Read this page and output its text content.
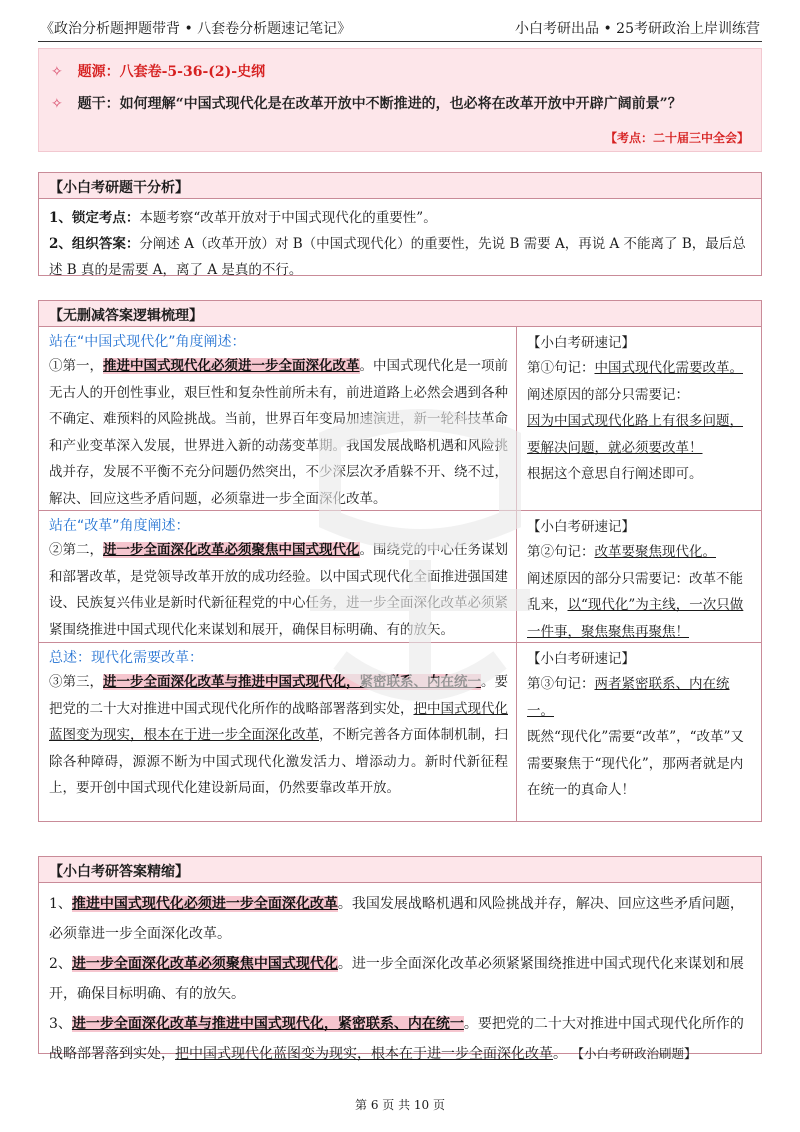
《政治分析题押题带背 • 八套卷分析题速记笔记》	小白考研出品 • 25考研政治上岸训练营
✧ 题源：八套卷-5-36-(2)-史纲
✧ 题干：如何理解“中国式现代化是在改革开放中不断推进的，也必将在改革开放中开辟广阔前景”？
【考点：二十届三中全会】
【小白考研题干分析】
1、锁定考点：本题考察“改革开放对于中国式现代化的重要性”。
2、组织答案：分阐述 A（改革开放）对 B（中国式现代化）的重要性，先说 B 需要 A，再说 A 不能离了 B，最后总述 B 真的是需要 A，离了 A 是真的不行。
【无删减答案逻辑梳理】
站在“中国式现代化”角度阐述：
①第一，推进中国式现代化必须进一步全面深化改革。中国式现代化是一项前无古人的开创性事业，艰巨性和复杂性前所未有，前进道路上必然会遇到各种不确定、难预料的风险挑战。当前，世界百年变局加速演进，新一轮科技革命和产业变革深入发展，世界进入新的动荡变革期。我国发展战略机遇和风险挑战并存，发展不平衡不充分问题仍然突出，不少深层次矛盾躲不开、绕不过，解决、回应这些矛盾问题，必须靠进一步全面深化改革。
【小白考研速记】
第①句记：中国式现代化需要改革。
阐述原因的部分只需要记：
因为中国式现代化路上有很多问题，要解决问题，就必须要改革！
根据这个意思自行阐述即可。
站在“改革”角度阐述：
②第二，进一步全面深化改革必须聚焦中国式现代化。围绕党的中心任务谋划和部署改革，是党领导改革开放的成功经验。以中国式现代化全面推进强国建设、民族复兴伟业是新时代新征程党的中心任务，进一步全面深化改革必须紧紧围绕推进中国式现代化来谋划和展开，确保目标明确、有的放矢。
【小白考研速记】
第②句记：改革要聚焦现代化。
阐述原因的部分只需要记：改革不能乱来，以“现代化”为主线，一次只做一件事，聚焦聚焦再聚焦！
总述：现代化需要改革：
③第三，进一步全面深化改革与推进中国式现代化，紧密联系、内在统一。要把党的二十大对推进中国式现代化所作的战略部署落到实处，把中国式现代化蓝图变为现实，根本在于进一步全面深化改革，不断完善各方面体制机制，扫除各种障碍，源源不断为中国式现代化激发活力、增添动力。新时代新征程上，要开创中国式现代化建设新局面，仍然要靠改革开放。
【小白考研速记】
第③句记：两者紧密联系、内在统一。
既然“现代化”需要“改革”，“改革”又需要聚焦于“现代化”，那两者就是内在统一的真命人！
【小白考研答案精缩】
1、推进中国式现代化必须进一步全面深化改革。我国发展战略机遇和风险挑战并存，解决、回应这些矛盾问题，必须靠进一步全面深化改革。
2、进一步全面深化改革必须聚焦中国式现代化。进一步全面深化改革必须紧紧围绕推进中国式现代化来谋划和展开，确保目标明确、有的放矢。
3、进一步全面深化改革与推进中国式现代化，紧密联系、内在统一。要把党的二十大对推进中国式现代化所作的战略部署落到实处，把中国式现代化蓝图变为现实，根本在于进一步全面深化改革。 【小白考研政治刷题】
第 6 页 共 10 页
